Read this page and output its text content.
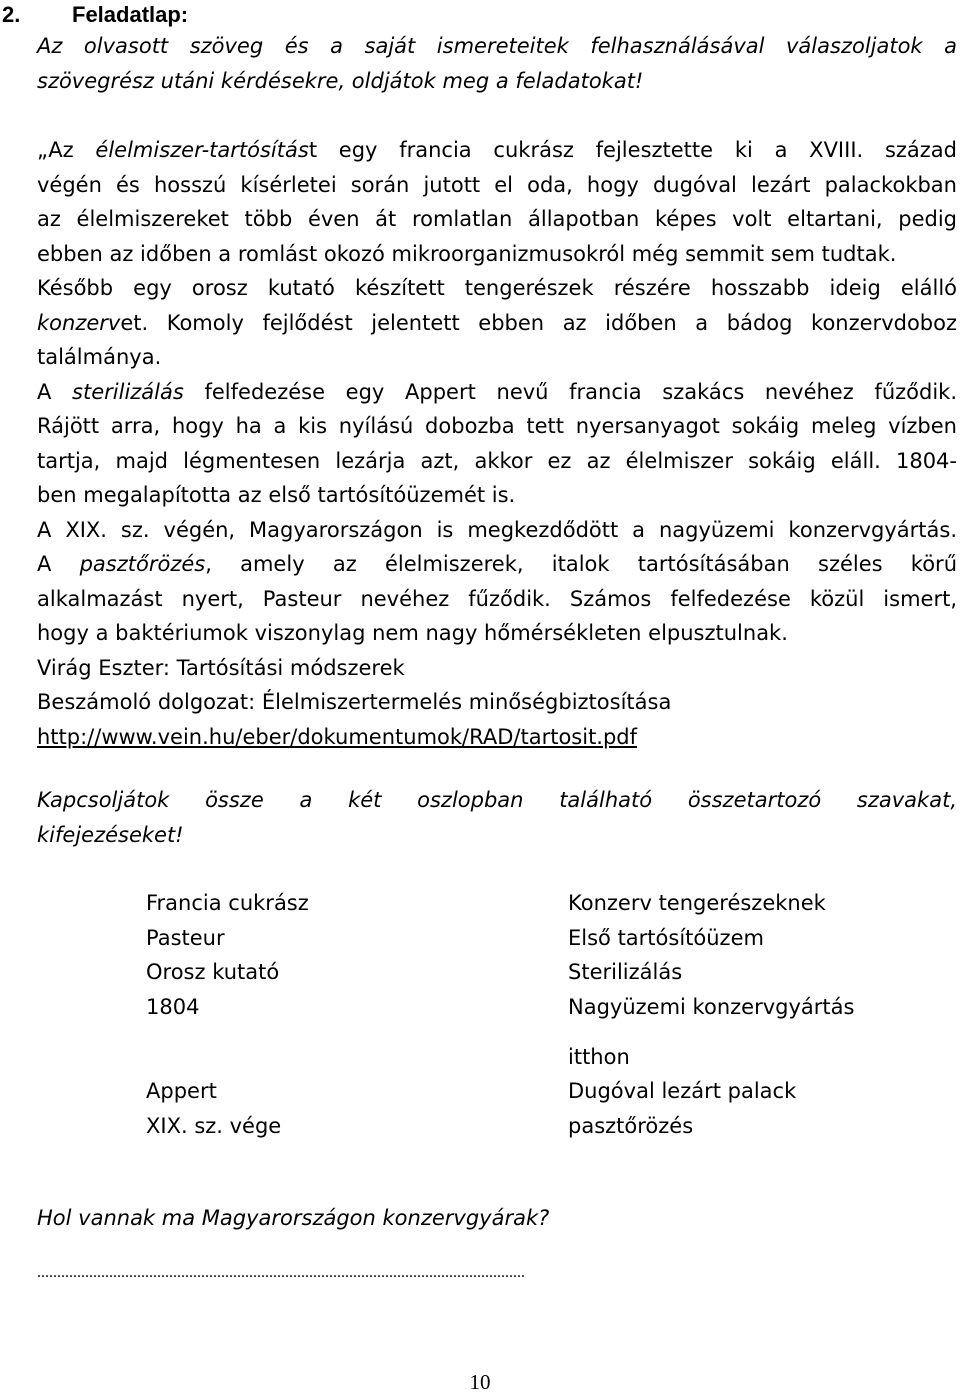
2. Feladatlap:
Az olvasott szöveg és a saját ismereteitek felhasználásával válaszoljatok a
szövegrész utáni kérdésekre, oldjátok meg a feladatokat!
„Az élelmiszer-tartósítást egy francia cukrász fejlesztette ki a XVIII. század
végén és hosszú kísérletei során jutott el oda, hogy dugóval lezárt palackokban
az élelmiszereket több éven át romlatlan állapotban képes volt eltartani, pedig
ebben az időben a romlást okozó mikroorganizmusokról még semmit sem tudtak.
Később egy orosz kutató készített tengerészek részére hosszabb ideig elálló
konzervet. Komoly fejlődést jelentett ebben az időben a bádog konzervdoboz
találmánya.
A sterilizálás felfedezése egy Appert nevű francia szakács nevéhez fűződik.
Rájött arra, hogy ha a kis nyílású dobozba tett nyersanyagot sokáig meleg vízben
tartja, majd légmentesen lezárja azt, akkor ez az élelmiszer sokáig eláll. 1804-
ben megalapította az első tartósítóüzemét is.
A XIX. sz. végén, Magyarországon is megkezdődött a nagyüzemi konzervgyártás.
A pasztőrözés, amely az élelmiszerek, italok tartósításában széles körű
alkalmazást nyert, Pasteur nevéhez fűződik. Számos felfedezése közül ismert,
hogy a baktériumok viszonylag nem nagy hőmérsékleten elpusztulnak.
Virág Eszter: Tartósítási módszerek
Beszámoló dolgozat: Élelmiszertermelés minőségbiztosítása
http://www.vein.hu/eber/dokumentumok/RAD/tartosit.pdf
Kapcsoljátok össze a két oszlopban található összetartozó szavakat,
kifejezéseket!
Francia cukrász
Pasteur
Orosz kutató
1804
Appert
XIX. sz. vége
Konzerv tengerészeknek
Első tartósítóüzem
Sterilizálás
Nagyüzemi konzervgyártás
itthon
Dugóval lezárt palack
pasztőrözés
Hol vannak ma Magyarországon konzervgyárak?
..........................................................................................................................
10
